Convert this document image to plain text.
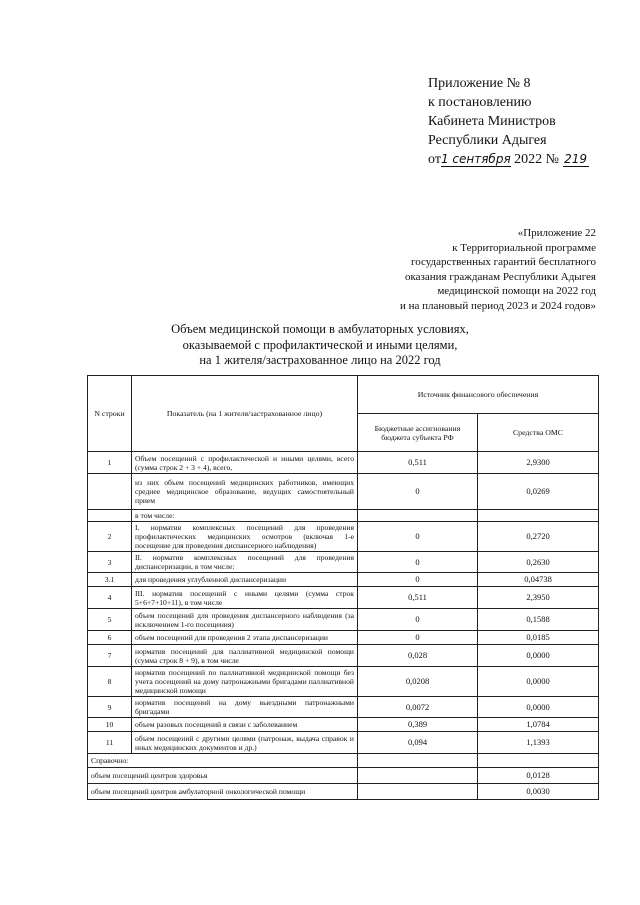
Приложение № 8
к постановлению
Кабинета Министров
Республики Адыгея
от1 сентября 2022 № 219
«Приложение 22
к Территориальной программе
государственных гарантий бесплатного
оказания гражданам Республики Адыгея
медицинской помощи на 2022 год
и на плановый период 2023 и 2024 годов»
Объем медицинской помощи в амбулаторных условиях,
оказываемой с профилактической и иными целями,
на 1 жителя/застрахованное лицо на 2022 год
N строки	Показатель (на 1 жителя/застрахованное лицо)	Источник финансового обеспечения	
		Бюджетные ассигнования бюджета субъекта РФ	Средства ОМС
1	Объем посещений с профилактической и иными целями, всего (сумма строк 2 + 3 + 4), всего,	0,511	2,9300
	из них объем посещений медицинских работников, имеющих среднее медицинское образование, ведущих самостоятельный прием	0	0,0269
	в том числе:		
2	I. норматив комплексных посещений для проведения профилактических медицинских осмотров (включая 1-е посещение для проведения диспансерного наблюдения)	0	0,2720
3	II. норматив комплексных посещений для проведения диспансеризации, в том числе:	0	0,2630
3.1	для проведения углубленной диспансеризации	0	0,04738
4	III. норматив посещений с иными целями (сумма строк 5+6+7+10+11), в том числе	0,511	2,3950
5	объем посещений для проведения диспансерного наблюдения (за исключением 1-го посещения)	0	0,1588
6	объем посещений для проведения 2 этапа диспансеризации	0	0,0185
7	норматив посещений для паллиативной медицинской помощи (сумма строк 8 + 9), в том числе	0,028	0,0000
8	норматив посещений по паллиативной медицинской помощи без учета посещений на дому патронажными бригадами паллиативной медицинской помощи	0,0208	0,0000
9	норматив посещений на дому выездными патронажными бригадами	0,0072	0,0000
10	объем разовых посещений в связи с заболеванием	0,389	1,0784
11	объем посещений с другими целями (патронаж, выдача справок и иных медицинских документов и др.)	0,094	1,1393
Справочно:			
объем посещений центров здоровья			0,0128
объем посещений центров амбулаторной онкологической помощи			0,0030
